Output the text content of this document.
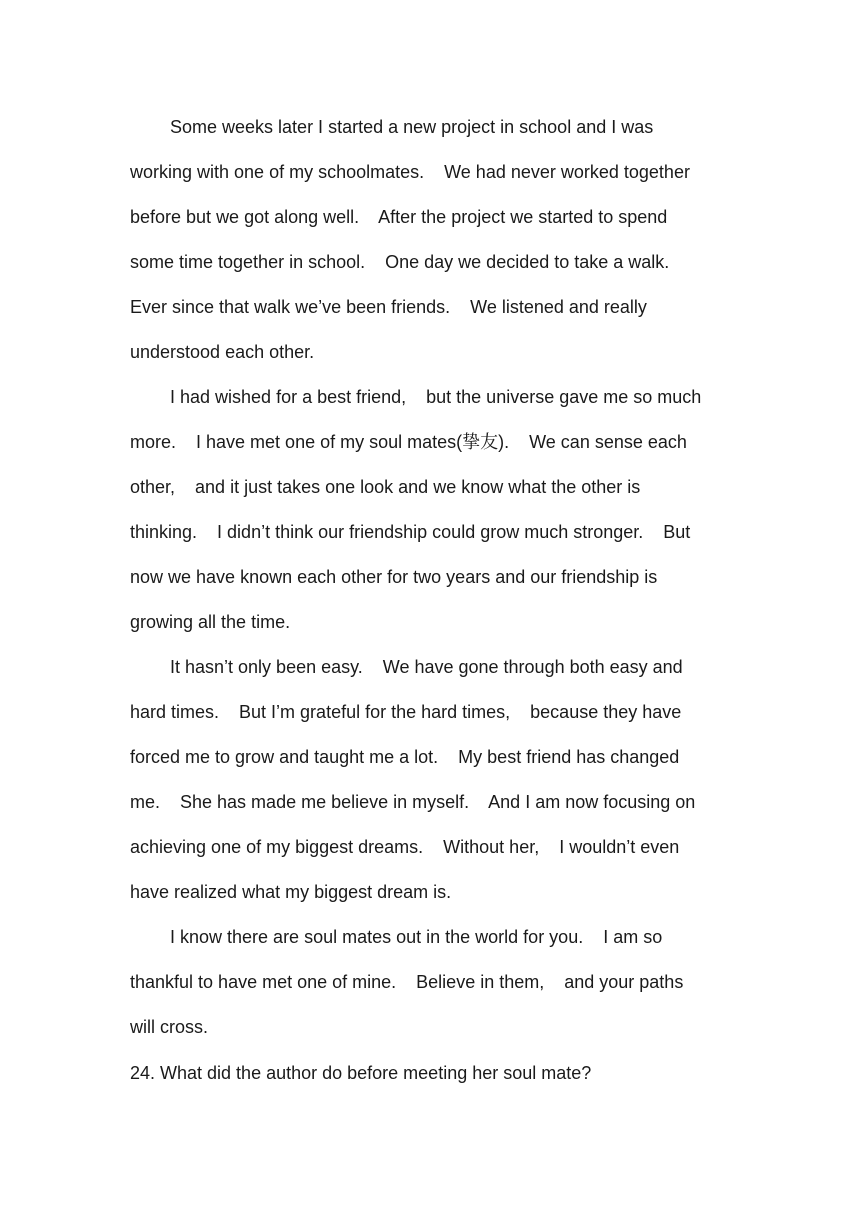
Some weeks later I started a new project in school and I was
working with one of my schoolmates.    We had never worked together
before but we got along well.    After the project we started to spend
some time together in school.    One day we decided to take a walk.
Ever since that walk we’ve been friends.    We listened and really
understood each other.
I had wished for a best friend,    but the universe gave me so much
more.    I have met one of my soul mates(挚友).    We can sense each
other,    and it just takes one look and we know what the other is
thinking.    I didn’t think our friendship could grow much stronger.    But
now we have known each other for two years and our friendship is
growing all the time.
It hasn’t only been easy.    We have gone through both easy and
hard times.    But I’m grateful for the hard times,    because they have
forced me to grow and taught me a lot.    My best friend has changed
me.    She has made me believe in myself.    And I am now focusing on
achieving one of my biggest dreams.    Without her,    I wouldn’t even
have realized what my biggest dream is.
I know there are soul mates out in the world for you.    I am so
thankful to have met one of mine.    Believe in them,    and your paths
will cross.
24. What did the author do before meeting her soul mate?
